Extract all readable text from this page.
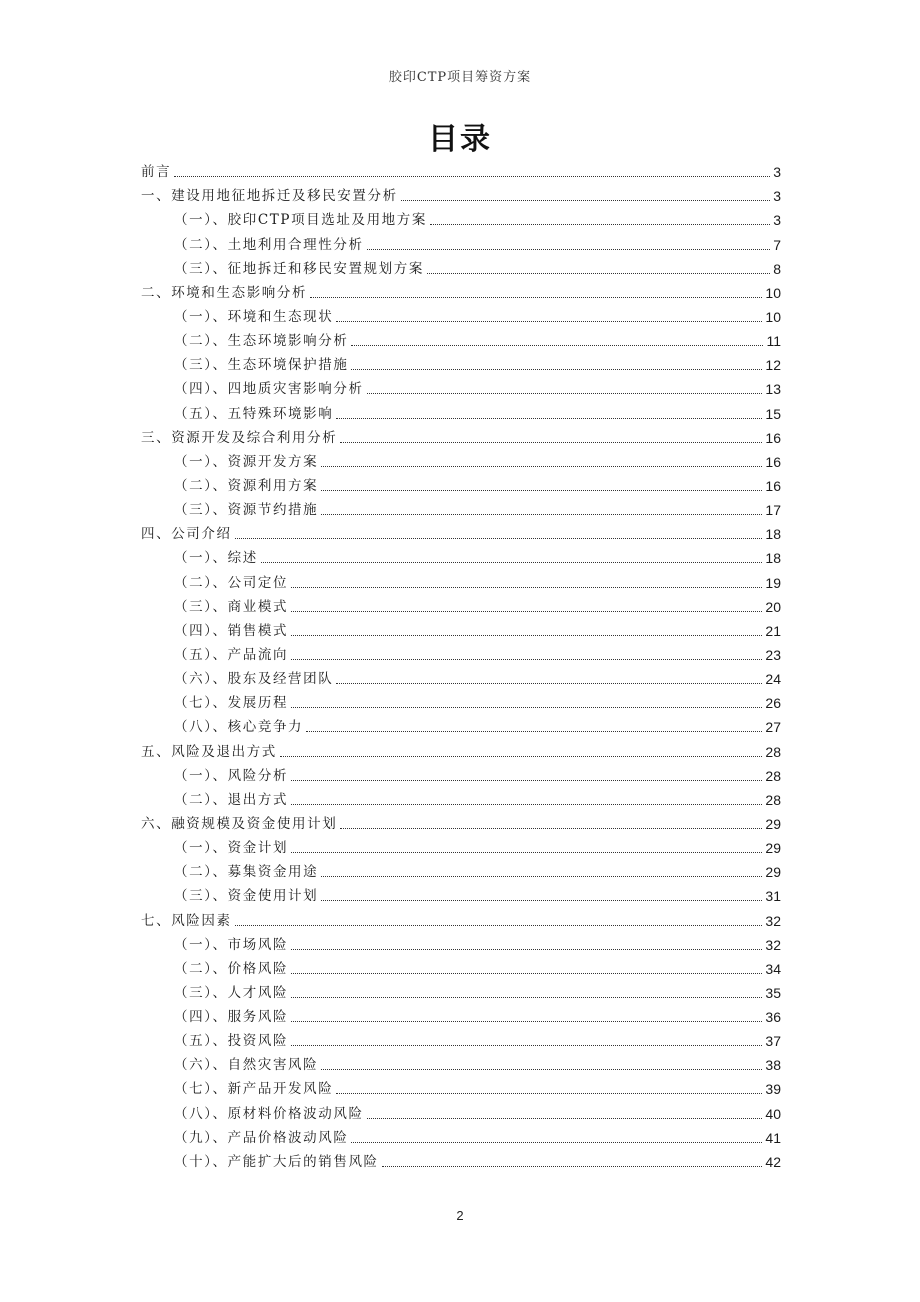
胶印CTP项目筹资方案
目录
前言	3
一、建设用地征地拆迁及移民安置分析	3
（一）、胶印CTP项目选址及用地方案	3
（二）、土地利用合理性分析	7
（三）、征地拆迁和移民安置规划方案	8
二、环境和生态影响分析	10
（一）、环境和生态现状	10
（二）、生态环境影响分析	11
（三）、生态环境保护措施	12
（四）、四地质灾害影响分析	13
（五）、五特殊环境影响	15
三、资源开发及综合利用分析	16
（一）、资源开发方案	16
（二）、资源利用方案	16
（三）、资源节约措施	17
四、公司介绍	18
（一）、综述	18
（二）、公司定位	19
（三）、商业模式	20
（四）、销售模式	21
（五）、产品流向	23
（六）、股东及经营团队	24
（七）、发展历程	26
（八）、核心竞争力	27
五、风险及退出方式	28
（一）、风险分析	28
（二）、退出方式	28
六、融资规模及资金使用计划	29
（一）、资金计划	29
（二）、募集资金用途	29
（三）、资金使用计划	31
七、风险因素	32
（一）、市场风险	32
（二）、价格风险	34
（三）、人才风险	35
（四）、服务风险	36
（五）、投资风险	37
（六）、自然灾害风险	38
（七）、新产品开发风险	39
（八）、原材料价格波动风险	40
（九）、产品价格波动风险	41
（十）、产能扩大后的销售风险	42
2
